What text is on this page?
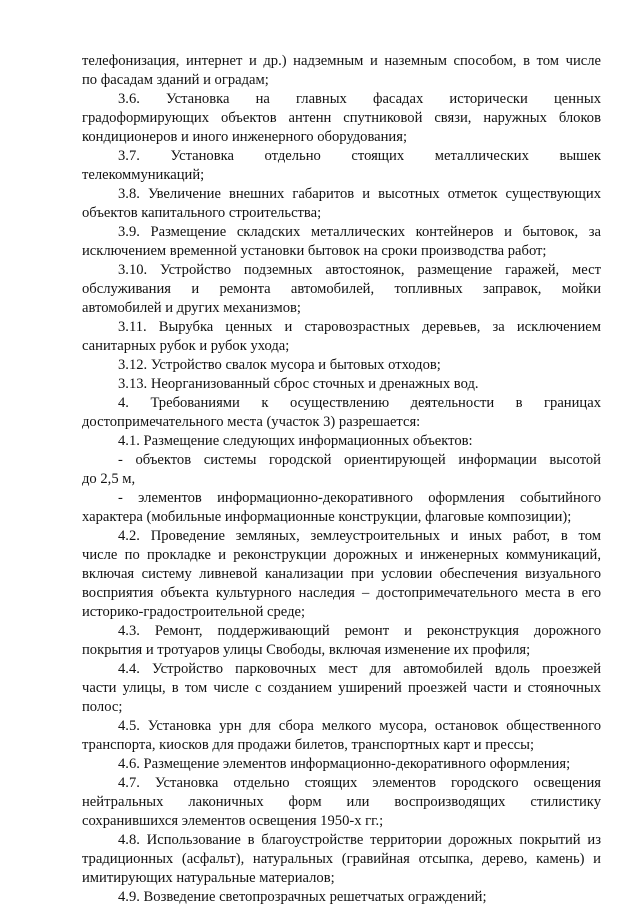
телефонизация, интернет и др.) надземным и наземным способом, в том числе
по фасадам зданий и оградам;
3.6. Установка на главных фасадах исторически ценных
градоформирующих объектов антенн спутниковой связи, наружных блоков
кондиционеров и иного инженерного оборудования;
3.7. Установка отдельно стоящих металлических вышек
телекоммуникаций;
3.8. Увеличение внешних габаритов и высотных отметок существующих
объектов капитального строительства;
3.9. Размещение складских металлических контейнеров и бытовок, за
исключением временной установки бытовок на сроки производства работ;
3.10. Устройство подземных автостоянок, размещение гаражей, мест
обслуживания и ремонта автомобилей, топливных заправок, мойки
автомобилей и других механизмов;
3.11. Вырубка ценных и старовозрастных деревьев, за исключением
санитарных рубок и рубок ухода;
3.12. Устройство свалок мусора и бытовых отходов;
3.13. Неорганизованный сброс сточных и дренажных вод.
4. Требованиями к осуществлению деятельности в границах
достопримечательного места (участок 3) разрешается:
4.1. Размещение следующих информационных объектов:
- объектов системы городской ориентирующей информации высотой
до 2,5 м,
- элементов информационно-декоративного оформления событийного
характера (мобильные информационные конструкции, флаговые композиции);
4.2. Проведение земляных, землеустроительных и иных работ, в том
числе по прокладке и реконструкции дорожных и инженерных коммуникаций,
включая систему ливневой канализации при условии обеспечения визуального
восприятия объекта культурного наследия – достопримечательного места в его
историко-градостроительной среде;
4.3. Ремонт, поддерживающий ремонт и реконструкция дорожного
покрытия и тротуаров улицы Свободы, включая изменение их профиля;
4.4. Устройство парковочных мест для автомобилей вдоль проезжей
части улицы, в том числе с созданием уширений проезжей части и стояночных
полос;
4.5. Установка урн для сбора мелкого мусора, остановок общественного
транспорта, киосков для продажи билетов, транспортных карт и прессы;
4.6. Размещение элементов информационно-декоративного оформления;
4.7. Установка отдельно стоящих элементов городского освещения
нейтральных лаконичных форм или воспроизводящих стилистику
сохранившихся элементов освещения 1950-х гг.;
4.8. Использование в благоустройстве территории дорожных покрытий из
традиционных (асфальт), натуральных (гравийная отсыпка, дерево, камень) и
имитирующих натуральные материалов;
4.9. Возведение светопрозрачных решетчатых ограждений;
